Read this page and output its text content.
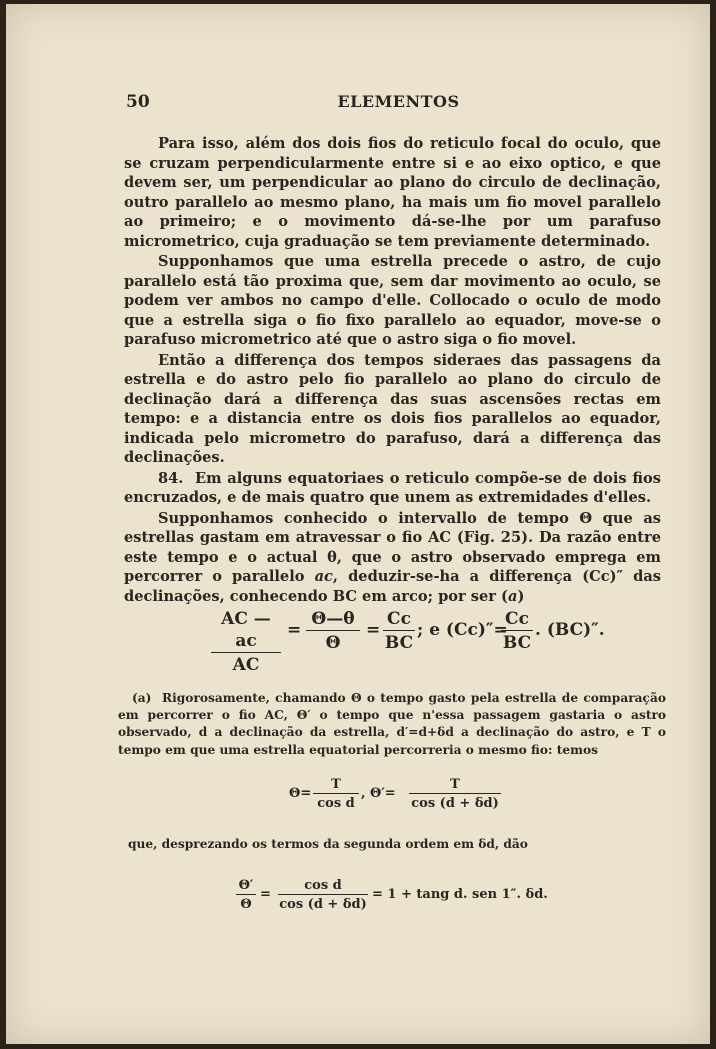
50	ELEMENTOS

Para isso, além dos dois fios do reticulo focal do oculo, que se cruzam perpendicularmente entre si e ao eixo optico, e que devem ser, um perpendicular ao plano do circulo de declinação, outro parallelo ao mesmo plano, ha mais um fio movel parallelo ao primeiro; e o movimento dá-se-lhe por um parafuso micrometrico, cuja graduação se tem previamente determinado.

Supponhamos que uma estrella precede o astro, de cujo parallelo está tão proxima que, sem dar movimento ao oculo, se podem ver ambos no campo d'elle. Collocado o oculo de modo que a estrella siga o fio fixo parallelo ao equador, move-se o parafuso micrometrico até que o astro siga o fio movel.

Então a differença dos tempos sideraes das passagens da estrella e do astro pelo fio parallelo ao plano do circulo de declinação dará a differença das suas ascensões rectas em tempo: e a distancia entre os dois fios parallelos ao equador, indicada pelo micrometro do parafuso, dará a differença das declinações.

84. Em alguns equatoriaes o reticulo compõe-se de dois fios encruzados, e de mais quatro que unem as extremidades d'elles.

Supponhamos conhecido o intervallo de tempo Θ que as estrellas gastam em atravessar o fio AC (Fig. 25). Da razão entre este tempo e o actual θ, que o astro observado emprega em percorrer o parallelo ac, deduzir-se-ha a differença (Cc)″ das declinações, conhecendo BC em arco; por ser (a)

$\frac{AC — ac}{AC} = \frac{\Theta—\theta}{\Theta} = \frac{Cc}{BC}$ ; e (Cc)″=
$\frac{Cc}{BC}$ . (BC)″.

(a) Rigorosamente, chamando Θ o tempo gasto pela estrella de comparação em percorrer o fio AC, Θ′ o tempo que n'essa passagem gastaria o astro observado, d a declinação da estrella, d′=d+δd a declinação do astro, e T o tempo em que uma estrella equatorial percorreria o mesmo fio: temos

$\Theta= \frac{T}{\text{cos d}}$ , $\Theta'= \frac{T}{\cos (d + \delta d)}$
que, desprezando os termos da segunda ordem em δd, dão
$\frac{\Theta'}{\Theta} = \frac{\text{cos d}}{\cos (d + \delta d)} = 1 + \tan g$ d. sen 1″. δd.
